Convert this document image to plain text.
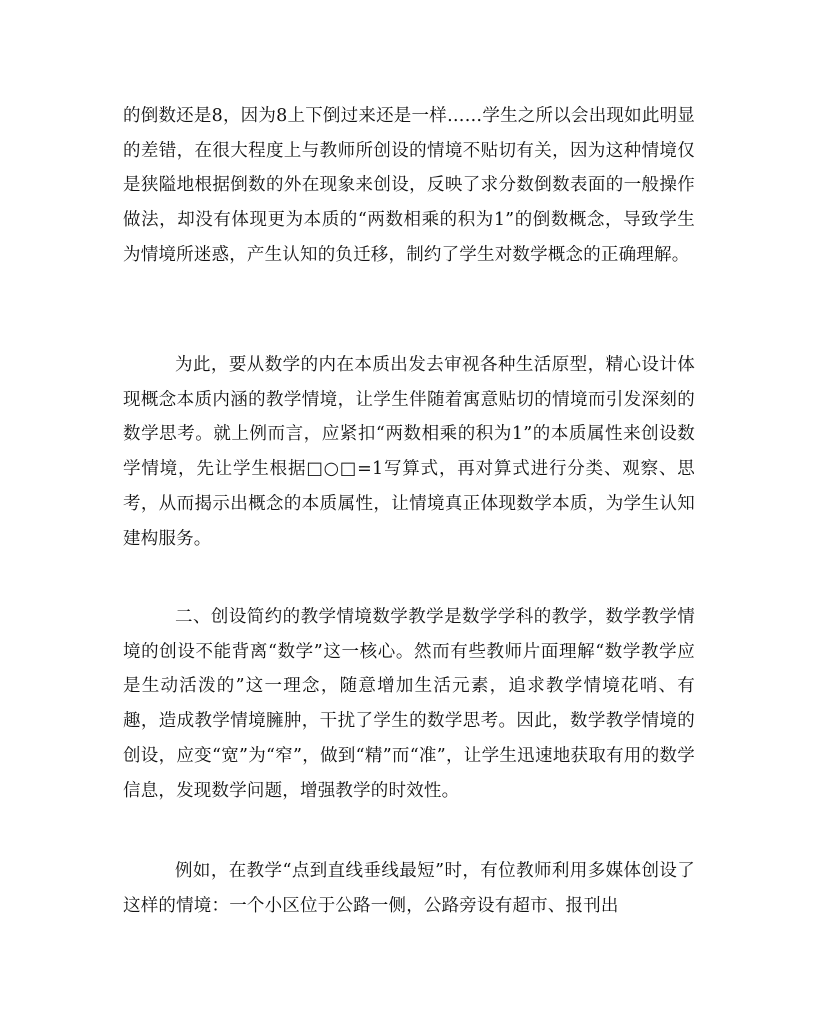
的倒数还是8，因为8上下倒过来还是一样……学生之所以会出现如此明显的差错，在很大程度上与教师所创设的情境不贴切有关，因为这种情境仅是狭隘地根据倒数的外在现象来创设，反映了求分数倒数表面的一般操作做法，却没有体现更为本质的“两数相乘的积为1”的倒数概念，导致学生为情境所迷惑，产生认知的负迁移，制约了学生对数学概念的正确理解。

为此，要从数学的内在本质出发去审视各种生活原型，精心设计体现概念本质内涵的教学情境，让学生伴随着寓意贴切的情境而引发深刻的数学思考。就上例而言，应紧扣“两数相乘的积为1”的本质属性来创设数学情境，先让学生根据□○□=1写算式，再对算式进行分类、观察、思考，从而揭示出概念的本质属性，让情境真正体现数学本质，为学生认知建构服务。

二、创设简约的教学情境数学教学是数学学科的教学，数学教学情境的创设不能背离“数学”这一核心。然而有些教师片面理解“数学教学应是生动活泼的”这一理念，随意增加生活元素，追求教学情境花哨、有趣，造成教学情境臃肿，干扰了学生的数学思考。因此，数学教学情境的创设，应变“宽”为“窄”，做到“精”而“准”，让学生迅速地获取有用的数学信息，发现数学问题，增强教学的时效性。

例如，在教学“点到直线垂线最短”时，有位教师利用多媒体创设了这样的情境：一个小区位于公路一侧，公路旁设有超市、报刊出
